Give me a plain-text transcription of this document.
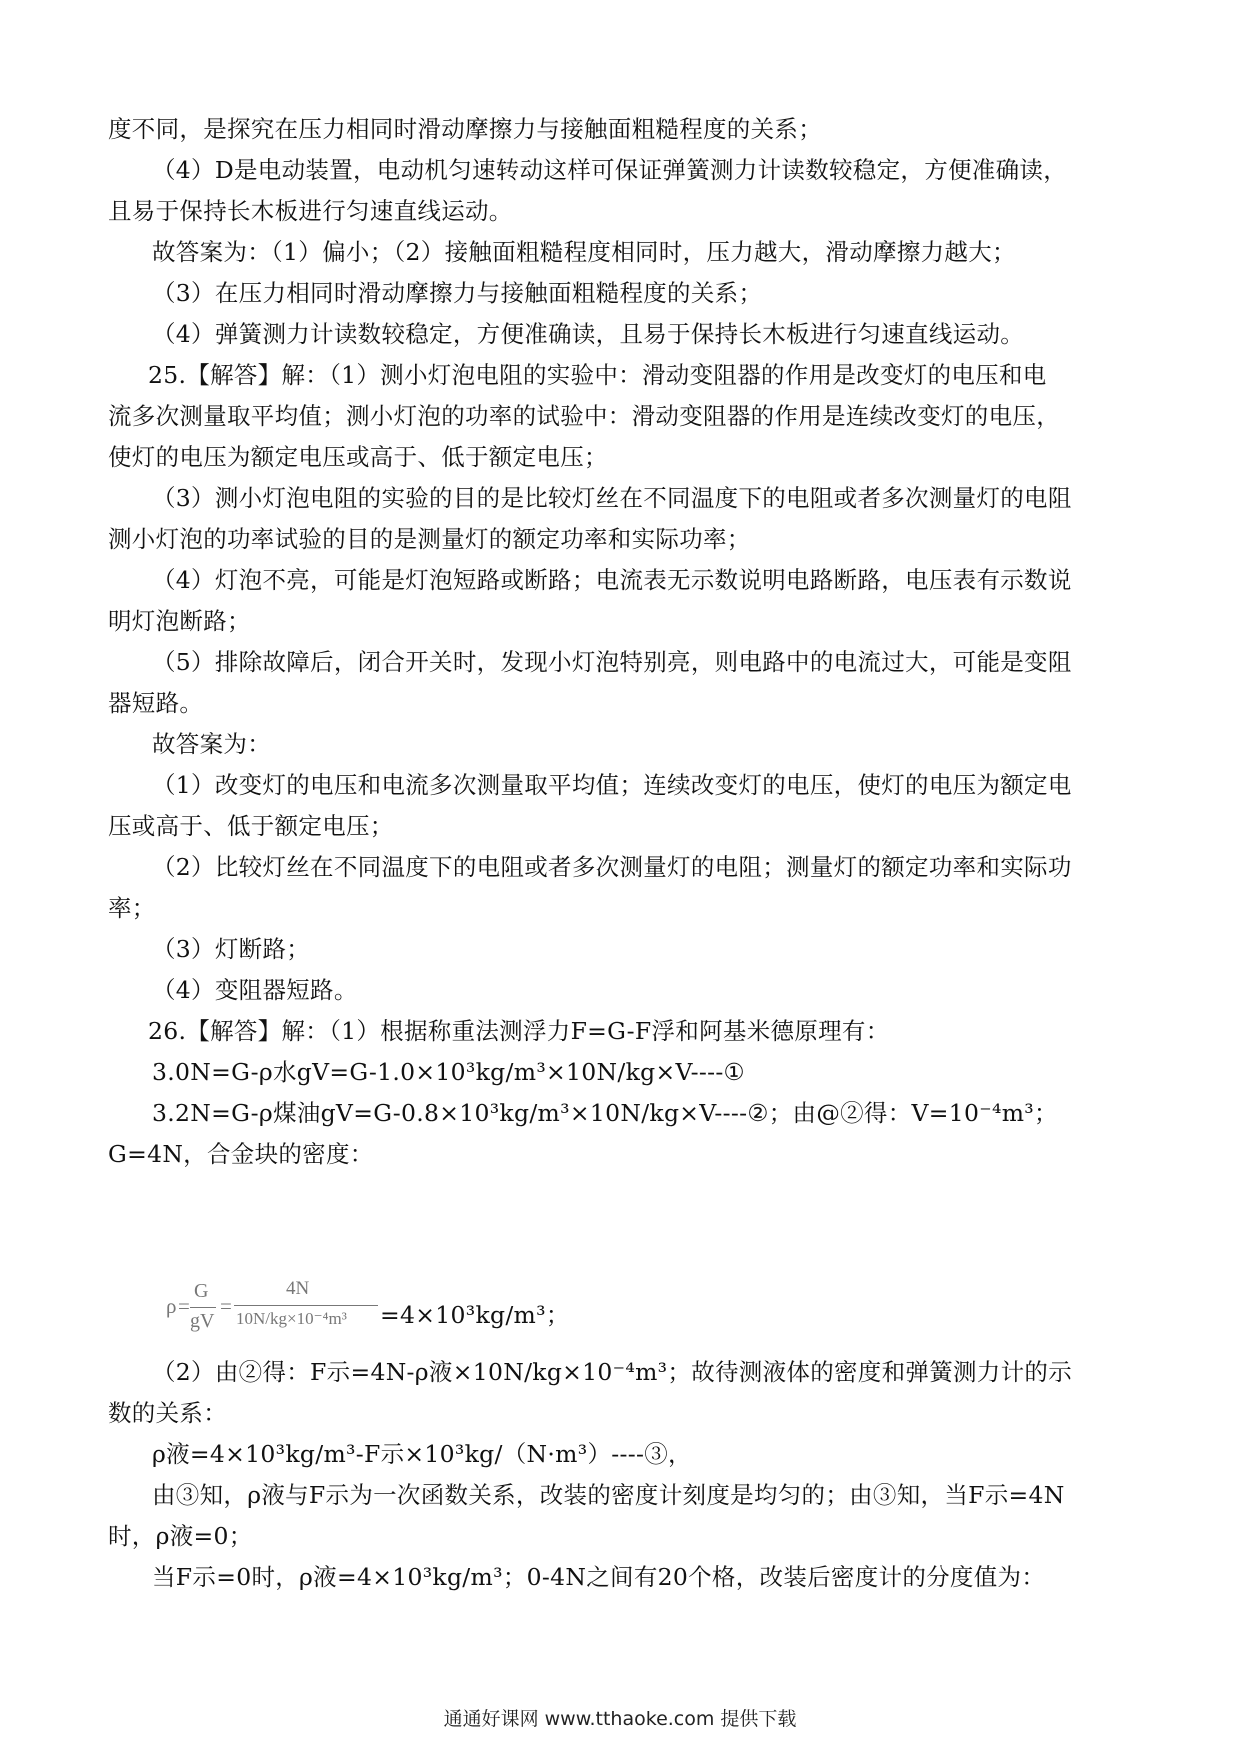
度不同，是探究在压力相同时滑动摩擦力与接触面粗糙程度的关系；
（4）D是电动装置，电动机匀速转动这样可保证弹簧测力计读数较稳定，方便准确读，
且易于保持长木板进行匀速直线运动。
故答案为：（1）偏小；（2）接触面粗糙程度相同时，压力越大，滑动摩擦力越大；
（3）在压力相同时滑动摩擦力与接触面粗糙程度的关系；
（4）弹簧测力计读数较稳定，方便准确读，且易于保持长木板进行匀速直线运动。
25.【解答】解：（1）测小灯泡电阻的实验中：滑动变阻器的作用是改变灯的电压和电
流多次测量取平均值；测小灯泡的功率的试验中：滑动变阻器的作用是连续改变灯的电压，
使灯的电压为额定电压或高于、低于额定电压；
（3）测小灯泡电阻的实验的目的是比较灯丝在不同温度下的电阻或者多次测量灯的电阻
测小灯泡的功率试验的目的是测量灯的额定功率和实际功率；
（4）灯泡不亮，可能是灯泡短路或断路；电流表无示数说明电路断路，电压表有示数说
明灯泡断路；
（5）排除故障后，闭合开关时，发现小灯泡特别亮，则电路中的电流过大，可能是变阻
器短路。
故答案为：
（1）改变灯的电压和电流多次测量取平均值；连续改变灯的电压，使灯的电压为额定电
压或高于、低于额定电压；
（2）比较灯丝在不同温度下的电阻或者多次测量灯的电阻；测量灯的额定功率和实际功
率；
（3）灯断路；
（4）变阻器短路。
26.【解答】解：（1）根据称重法测浮力F=G-F浮和阿基米德原理有：
3.0N=G-ρ水gV=G-1.0×10³kg/m³×10N/kg×V----①
3.2N=G-ρ煤油gV=G-0.8×10³kg/m³×10N/kg×V----②；由@②得：V=10⁻⁴m³；
G=4N，合金块的密度：
ρ =
G
gV
=
4N
10N/kg×10⁻⁴m³ =4×10³kg/m³；
（2）由②得：F示=4N-ρ液×10N/kg×10⁻⁴m³；故待测液体的密度和弹簧测力计的示
数的关系：
ρ液=4×10³kg/m³-F示×10³kg/（N·m³）----③，
由③知，ρ液与F示为一次函数关系，改装的密度计刻度是均匀的；由③知，当F示=4N
时，ρ液=0；
当F示=0时，ρ液=4×10³kg/m³；0-4N之间有20个格，改装后密度计的分度值为：
通通好课网 www.tthaoke.com 提供下载
